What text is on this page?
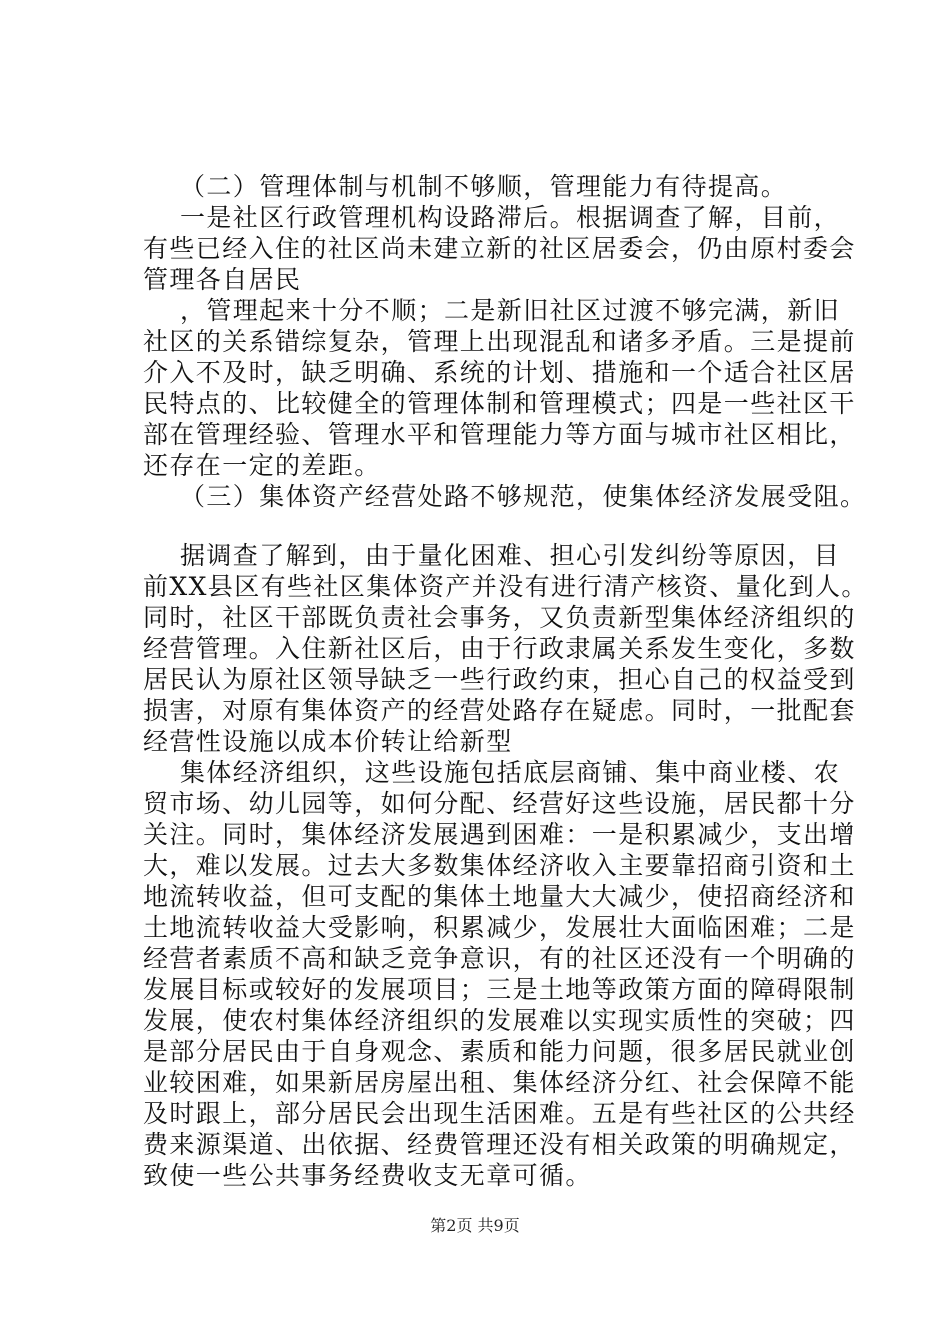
（二）管理体制与机制不够顺，管理能力有待提高。

一是社区行政管理机构设路滞后。根据调查了解，目前，

有些已经入住的社区尚未建立新的社区居委会，仍由原村委会

管理各自居民

，管理起来十分不顺；二是新旧社区过渡不够完满，新旧

社区的关系错综复杂，管理上出现混乱和诸多矛盾。三是提前

介入不及时，缺乏明确、系统的计划、措施和一个适合社区居

民特点的、比较健全的管理体制和管理模式；四是一些社区干

部在管理经验、管理水平和管理能力等方面与城市社区相比，

还存在一定的差距。

（三）集体资产经营处路不够规范，使集体经济发展受阻。

据调查了解到，由于量化困难、担心引发纠纷等原因，目

前XX县区有些社区集体资产并没有进行清产核资、量化到人。

同时，社区干部既负责社会事务，又负责新型集体经济组织的

经营管理。入住新社区后，由于行政隶属关系发生变化，多数

居民认为原社区领导缺乏一些行政约束，担心自己的权益受到

损害，对原有集体资产的经营处路存在疑虑。同时，一批配套

经营性设施以成本价转让给新型

集体经济组织，这些设施包括底层商铺、集中商业楼、农

贸市场、幼儿园等，如何分配、经营好这些设施，居民都十分

关注。同时，集体经济发展遇到困难：一是积累减少，支出增

大，难以发展。过去大多数集体经济收入主要靠招商引资和土

地流转收益，但可支配的集体土地量大大减少，使招商经济和

土地流转收益大受影响，积累减少，发展壮大面临困难；二是

经营者素质不高和缺乏竞争意识，有的社区还没有一个明确的

发展目标或较好的发展项目；三是土地等政策方面的障碍限制

发展，使农村集体经济组织的发展难以实现实质性的突破；四

是部分居民由于自身观念、素质和能力问题，很多居民就业创

业较困难，如果新居房屋出租、集体经济分红、社会保障不能

及时跟上，部分居民会出现生活困难。五是有些社区的公共经

费来源渠道、出依据、经费管理还没有相关政策的明确规定，

致使一些公共事务经费收支无章可循。

第2页 共9页
